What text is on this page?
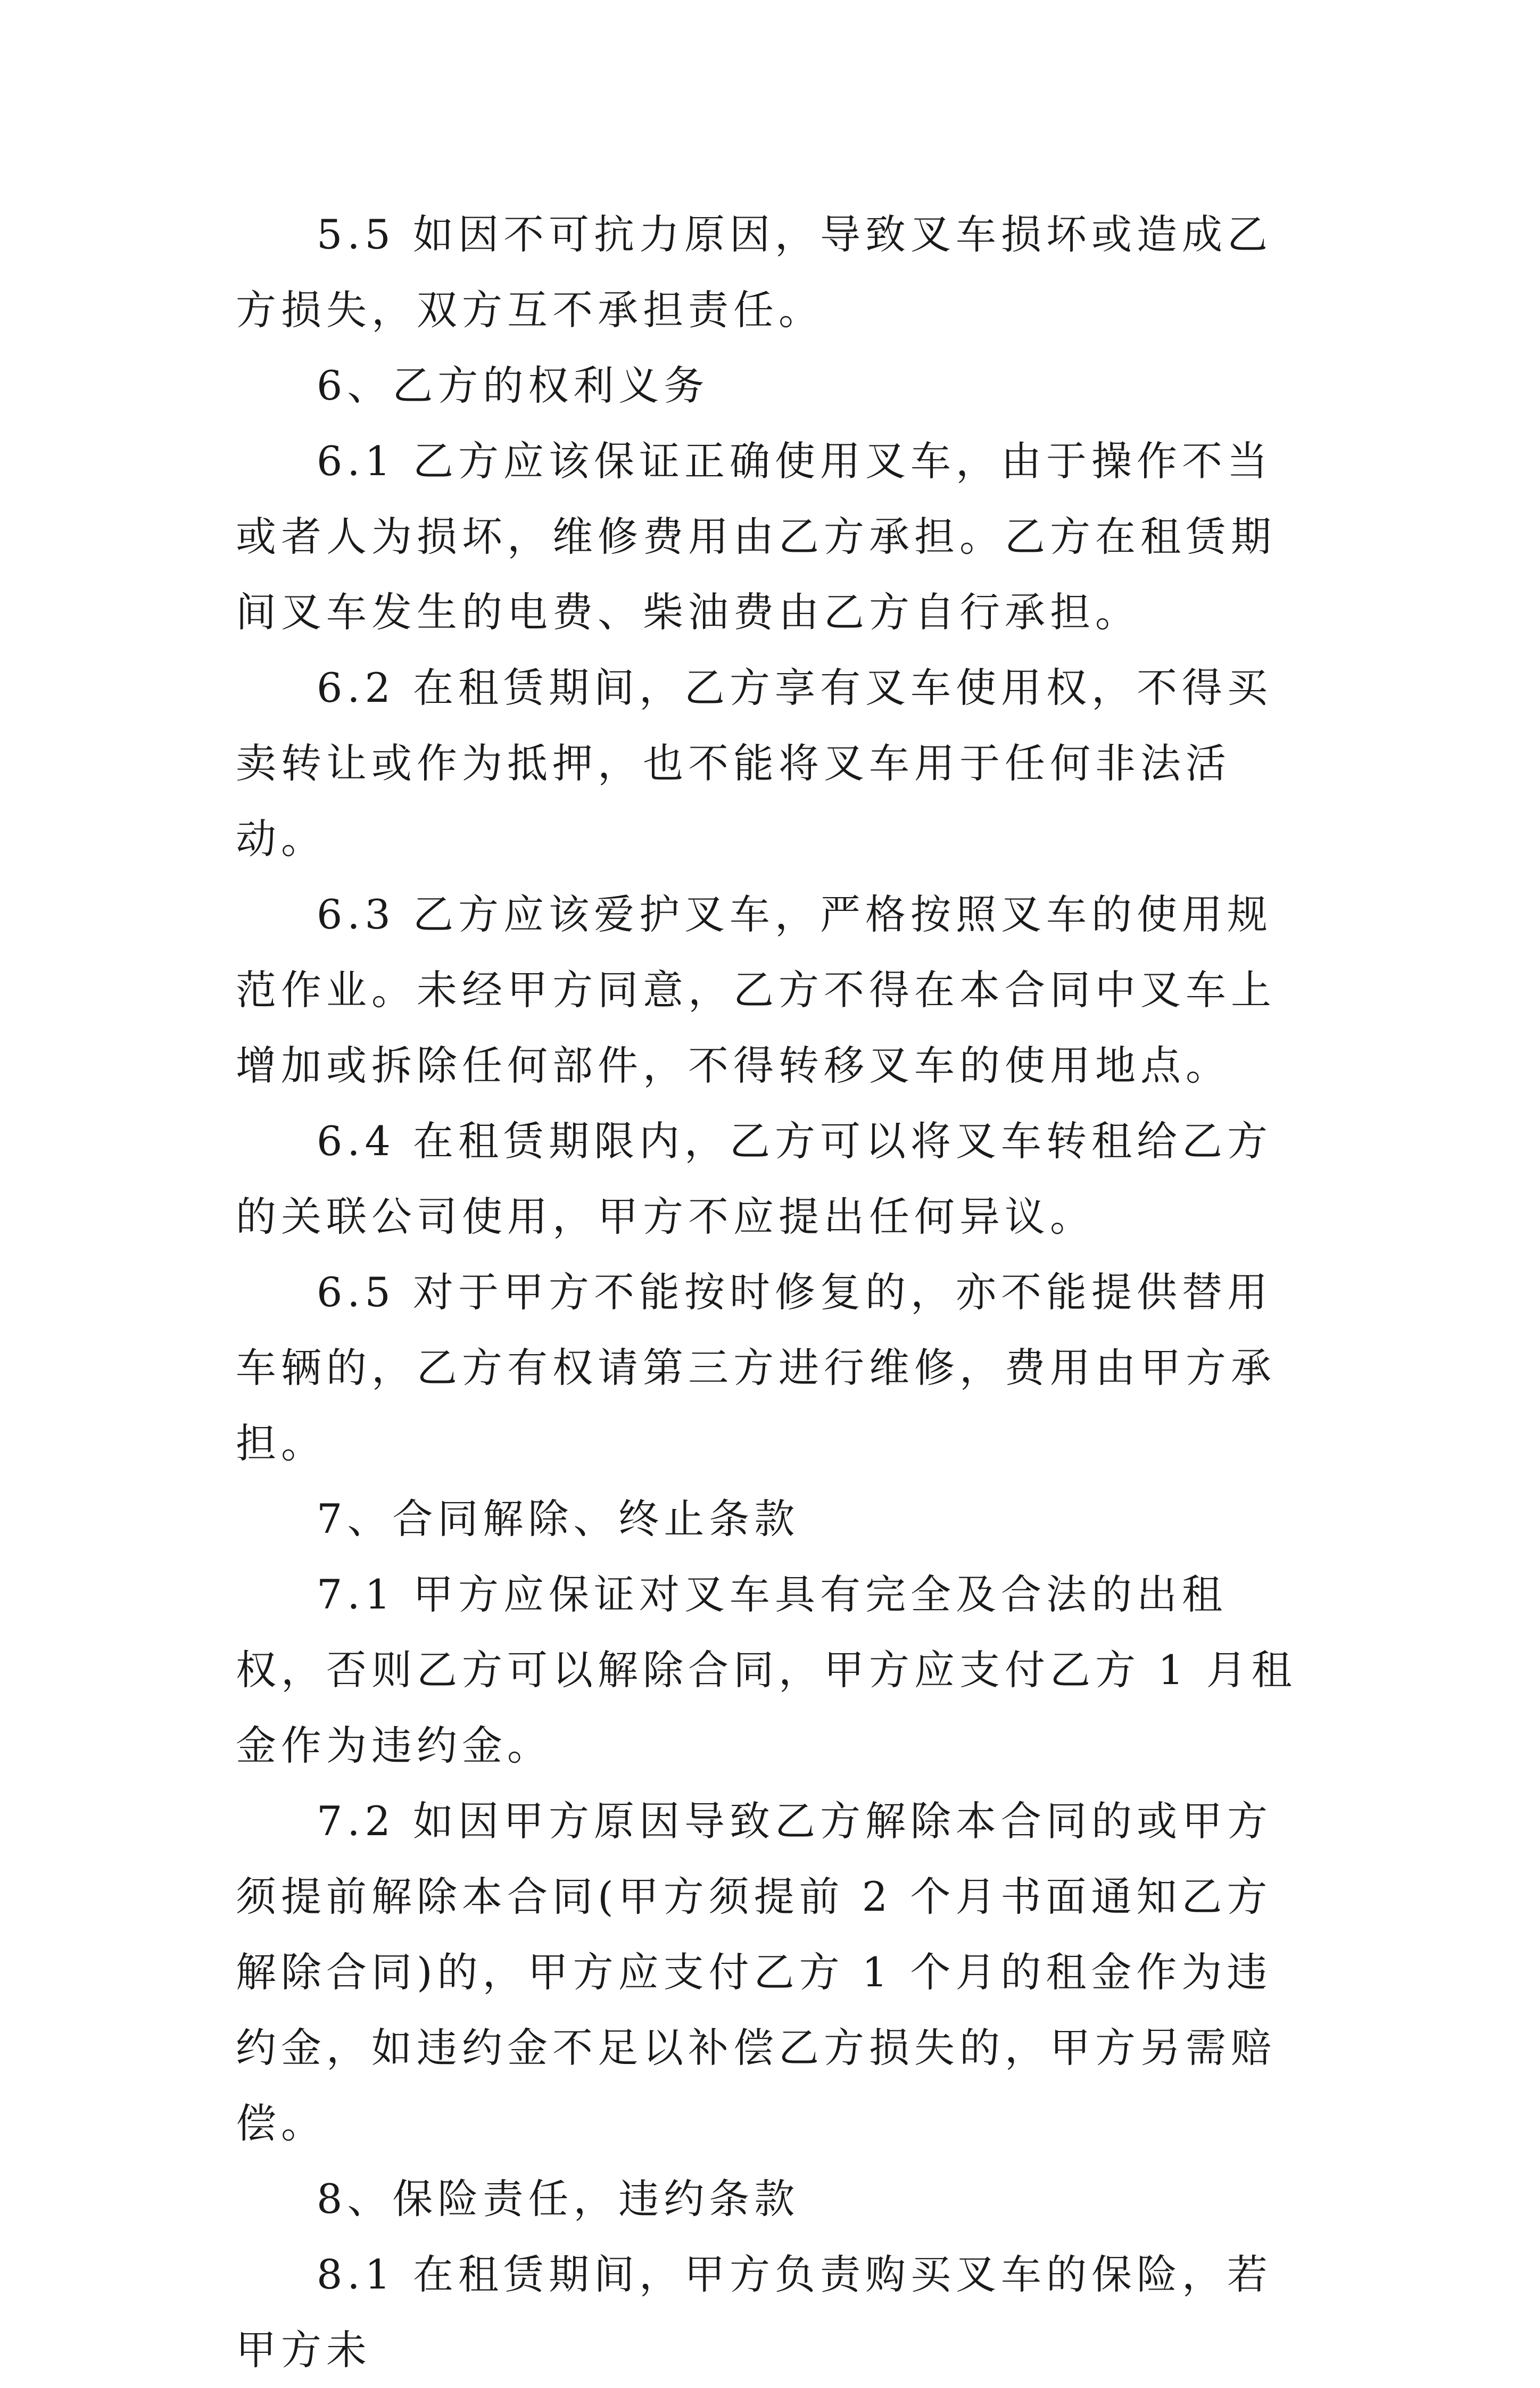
5.5 如因不可抗力原因，导致叉车损坏或造成乙方损失，双方互不承担责任。

6、乙方的权利义务

6.1 乙方应该保证正确使用叉车，由于操作不当或者人为损坏，维修费用由乙方承担。乙方在租赁期间叉车发生的电费、柴油费由乙方自行承担。

6.2 在租赁期间，乙方享有叉车使用权，不得买卖转让或作为抵押，也不能将叉车用于任何非法活动。

6.3 乙方应该爱护叉车，严格按照叉车的使用规范作业。未经甲方同意，乙方不得在本合同中叉车上增加或拆除任何部件，不得转移叉车的使用地点。

6.4 在租赁期限内，乙方可以将叉车转租给乙方的关联公司使用，甲方不应提出任何异议。

6.5 对于甲方不能按时修复的，亦不能提供替用车辆的，乙方有权请第三方进行维修，费用由甲方承担。

7、合同解除、终止条款

7.1 甲方应保证对叉车具有完全及合法的出租权，否则乙方可以解除合同，甲方应支付乙方 1 月租金作为违约金。

7.2 如因甲方原因导致乙方解除本合同的或甲方须提前解除本合同(甲方须提前 2 个月书面通知乙方解除合同)的，甲方应支付乙方 1 个月的租金作为违约金，如违约金不足以补偿乙方损失的，甲方另需赔偿。

8、保险责任，违约条款

8.1 在租赁期间，甲方负责购买叉车的保险，若甲方未
